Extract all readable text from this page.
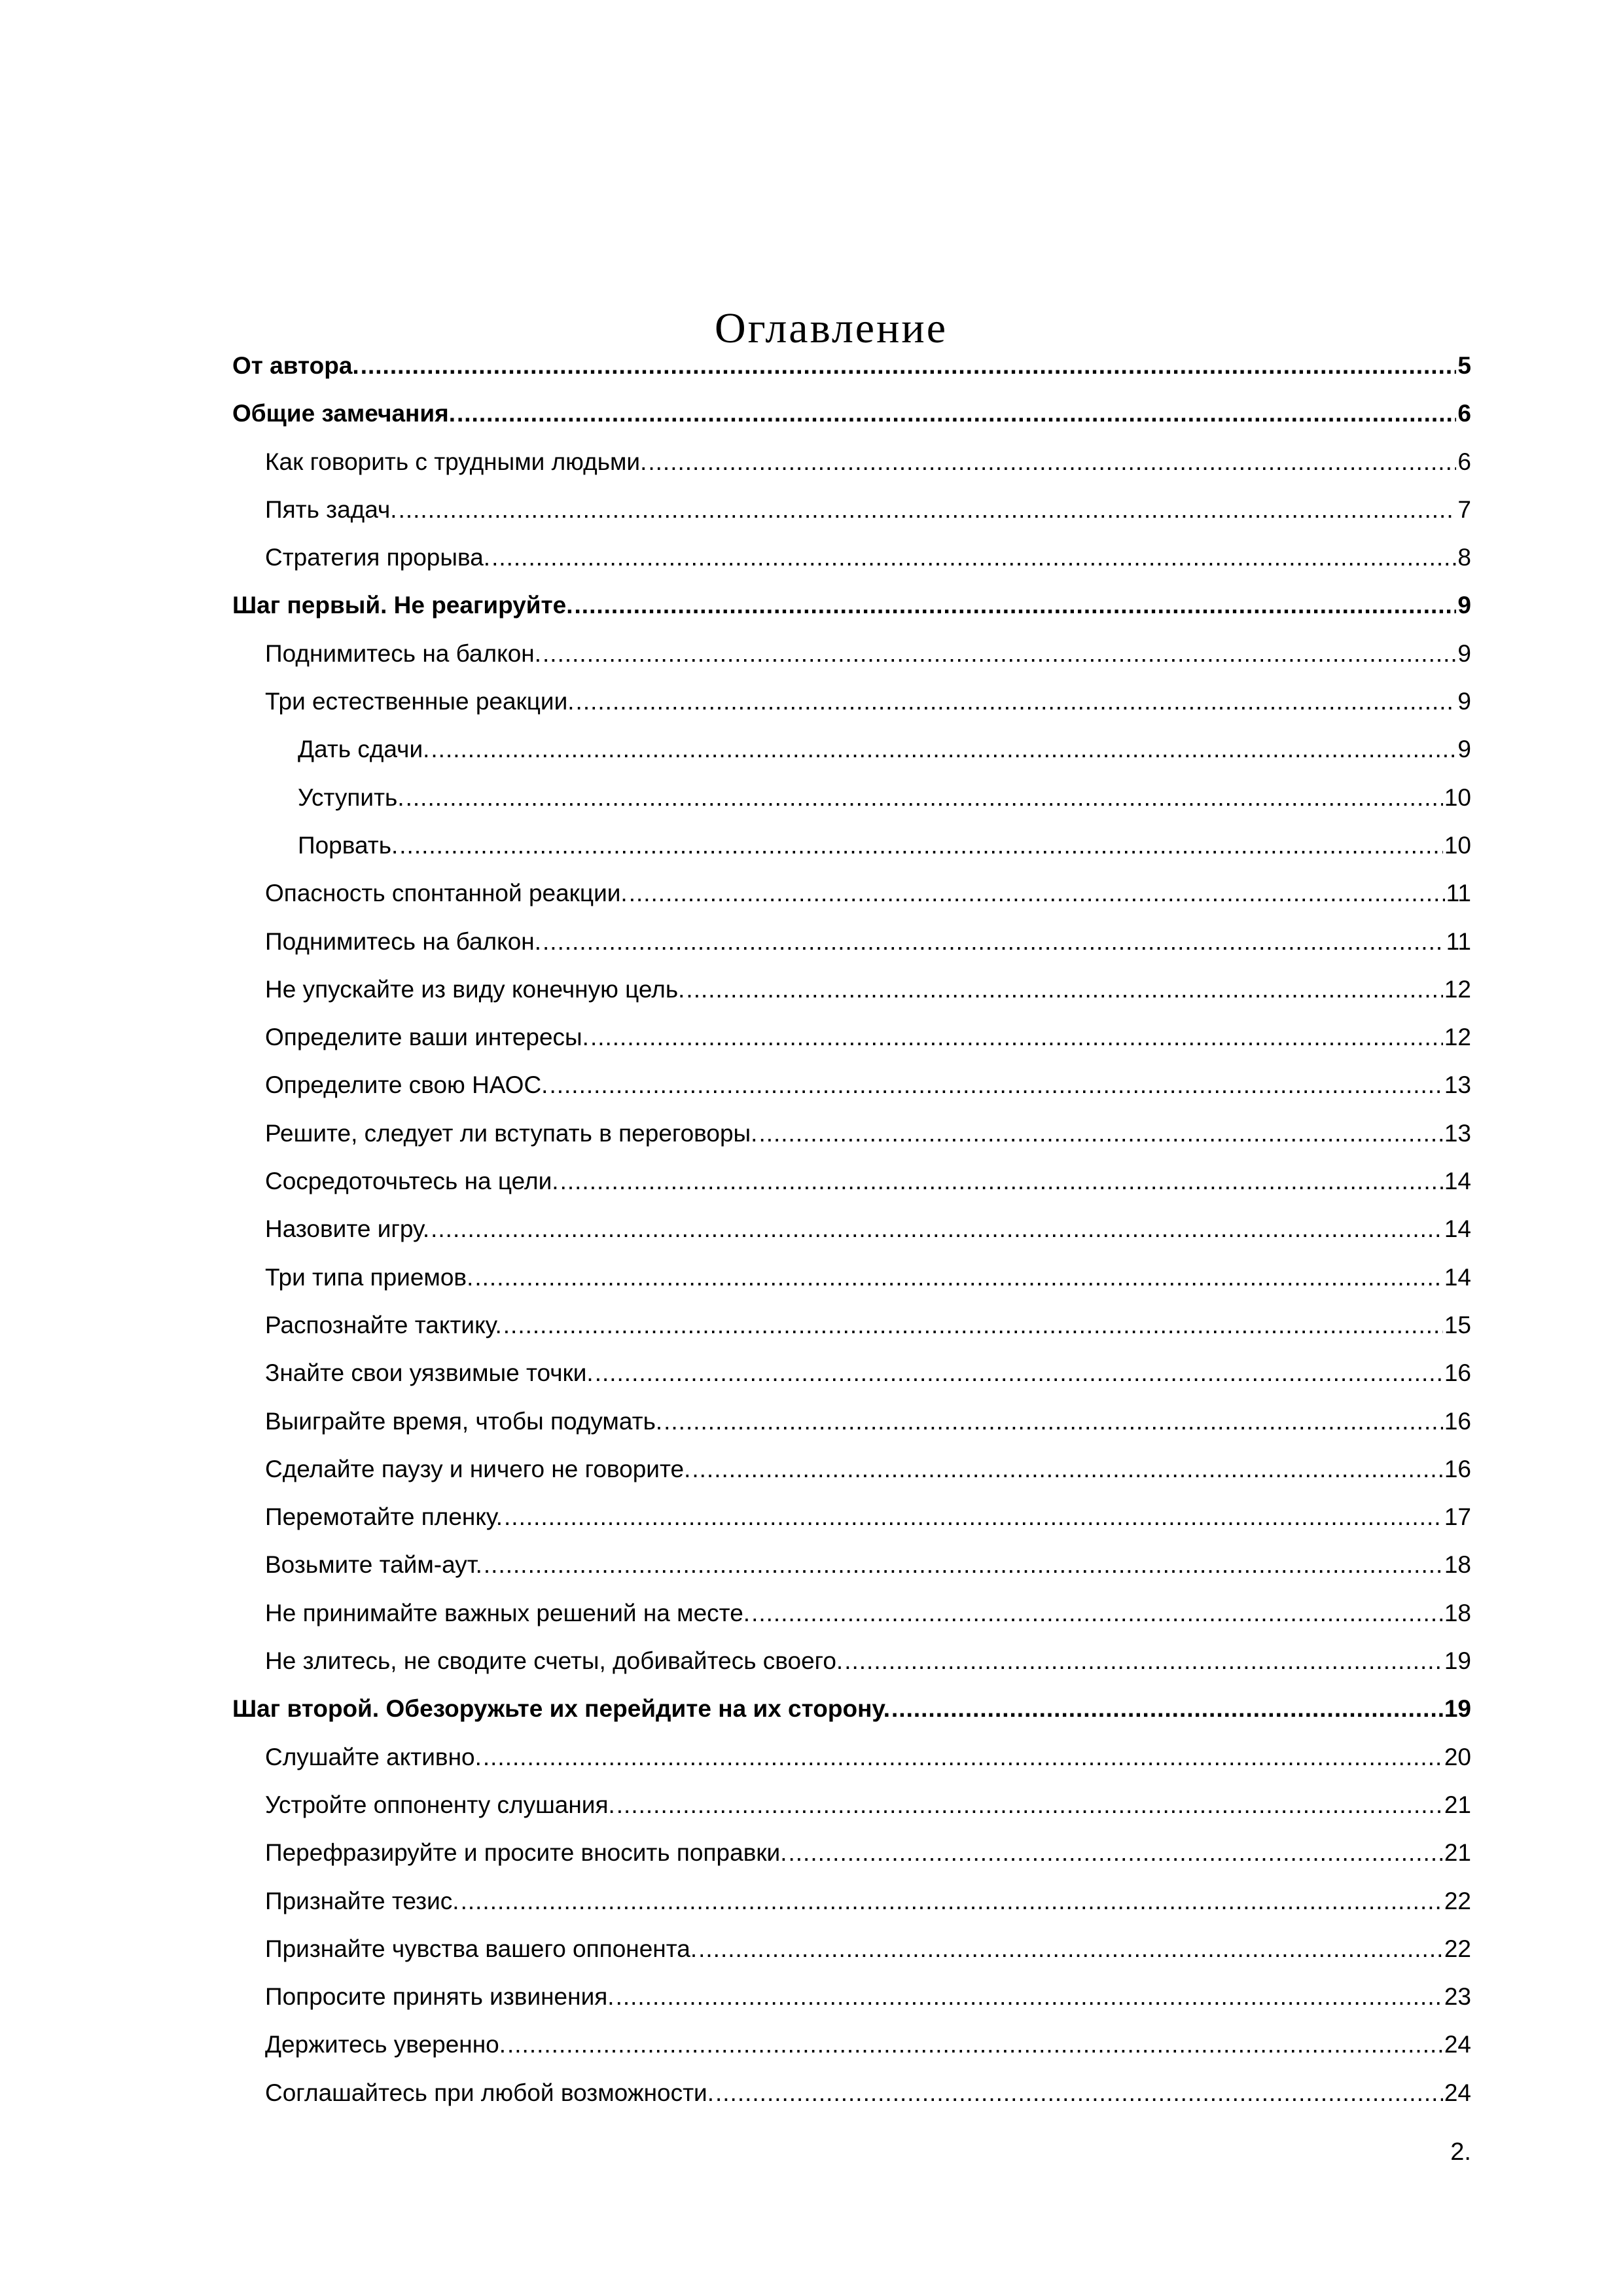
Оглавление
От автора. .....	5
Общие замечания. .....	6
Как говорить с трудными людьми. .....	6
Пять задач. .....	7
Стратегия прорыва. .....	8
Шаг первый. Не реагируйте. .....	9
Поднимитесь на балкон. .....	9
Три естественные реакции. .....	9
Дать сдачи. .....	9
Уступить. .....	10
Порвать. .....	10
Опасность спонтанной реакции. .....	11
Поднимитесь на балкон. .....	11
Не упускайте из виду конечную цель. .....	12
Определите ваши интересы. .....	12
Определите свою НАОС. .....	13
Решите, следует ли вступать в переговоры. .....	13
Сосредоточьтесь на цели. .....	14
Назовите игру. .....	14
Три типа приемов. .....	14
Распознайте тактику. .....	15
Знайте свои уязвимые точки. .....	16
Выиграйте время, чтобы подумать. .....	16
Сделайте паузу и ничего не говорите. .....	16
Перемотайте пленку. .....	17
Возьмите тайм-аут. .....	18
Не принимайте важных решений на месте. .....	18
Не злитесь, не сводите счеты, добивайтесь своего. .....	19
Шаг второй. Обезоружьте их перейдите на их сторону. .....	19
Слушайте активно. .....	20
Устройте оппоненту слушания. .....	21
Перефразируйте и просите вносить поправки. .....	21
Признайте тезис. .....	22
Признайте чувства вашего оппонента. .....	22
Попросите принять извинения. .....	23
Держитесь уверенно. .....	24
Соглашайтесь при любой возможности. .....	24
2.
